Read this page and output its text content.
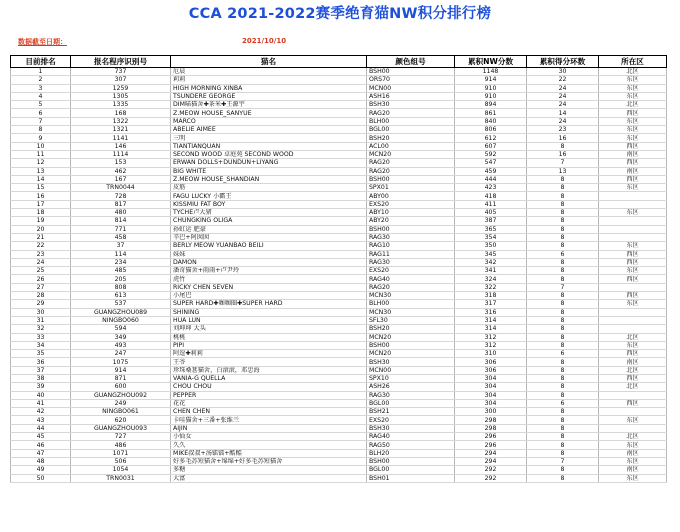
CCA 2021-2022赛季绝育猫NW积分排行榜
数据截至日期：	2021/10/10
目前排名	报名程序识别号	猫名	颜色组号	累积NW分数	累积得分环数	所在区
1	737	厄晨	BSH00	1148	30	北区
2	307	莉莉	ORS70	914	22	东区
3	1259	HIGH MORNING XINBA	MCN00	910	24	东区
4	1305	TSUNDERE GEORGE	ASH16	910	24	东区
5	1335	DIM喵猫舍✚茶米✚王源宇	BSH30	894	24	北区
6	168	Z.MEOW HOUSE_SANYUE	RAG20	861	14	西区
7	1322	MARCO	BLH00	840	24	东区
8	1321	ABELIE AIMEE	BGL00	806	23	东区
9	1141	三明	BSH20	612	16	东区
10	146	TIANTIANQUAN	ACL00	607	8	西区
11	1114	SECOND WOOD 卓庭苑 SECOND WOOD	MCN20	592	16	南区
12	153	ERWAN DOLLS+DUNDUN+LIYANG	RAG20	547	7	西区
13	462	BIG WHITE	RAG20	459	13	南区
14	167	Z.MEOW HOUSE_SHANDIAN	BSH00	444	8	西区
15	TRN0044	皮筋	SPX01	423	8	东区
16	728	FAGU LUCKY 小霸王	ABY00	418	8	
17	817	KISSMIU FAT BOY	EXS20	411	8	
18	480	TYCHE卢大猪	ABY10	405	8	东区
19	814	CHUNGKING OLIGA	ABY20	387	8	
20	771	孙虹运 肥豪	BSH00	365	8	
21	458	辛巴+阿囡囡	RAG30	354	8	
22	37	BERLY MEOW YUANBAO BEILI	RAG10	350	8	东区
23	114	妹妹	RAG11	345	6	西区
24	234	DAMON	RAG30	342	8	西区
25	485	潘奇猫舍+雨雨+卢尹玲	EXS20	341	8	东区
26	205	虎竹	RAG40	324	8	西区
27	808	RICKY CHEN SEVEN	RAG20	322	7	
28	613	小尾巴	MCN30	318	8	西区
29	537	SUPER HARD✚咖咖圈✚SUPER HARD	BLH00	317	8	东区
30	GUANGZHOU089	SHINING	MCN30	316	8	
31	NINGBO060	HUA LUN	SFL30	314	8	
32	594	刘坤坤 大头	BSH20	314	8	
33	349	桃桃	MCN20	312	8	北区
34	493	PIPI	BSH00	312	8	东区
35	247	阿逗✚莉莉	MCN20	310	6	西区
36	1075	王爷	BSH30	306	8	南区
37	914	珍珠桑葚猫舍，白滚滚，邓忠海	MCN00	306	8	北区
38	871	VANIA-G QUELLA	SPX10	304	8	西区
39	600	CHOU CHOU	ASH26	304	8	北区
40	GUANGZHOU092	PEPPER	RAG30	304	8	
41	249	花花	BGL00	304	6	西区
42	NINGBO061	CHEN CHEN	BSH21	300	8	
43	620	卡哇猫舍+三番+张维兰	EXS20	298	8	东区
44	GUANGZHOU093	AIJIN	BSH30	298	8	
45	727	小仙女	RAG40	296	8	北区
46	486	久久	RAG50	296	8	东区
47	1071	MIKE叔叔+汤镭镭+酷酷	BLH20	294	8	南区
48	506	好多毛苏短猫舍+绵绵+好多毛苏短猫舍	BSH00	294	7	东区
49	1054	多糖	BGL00	292	8	南区
50	TRN0031	大富	BSH01	292	8	东区
